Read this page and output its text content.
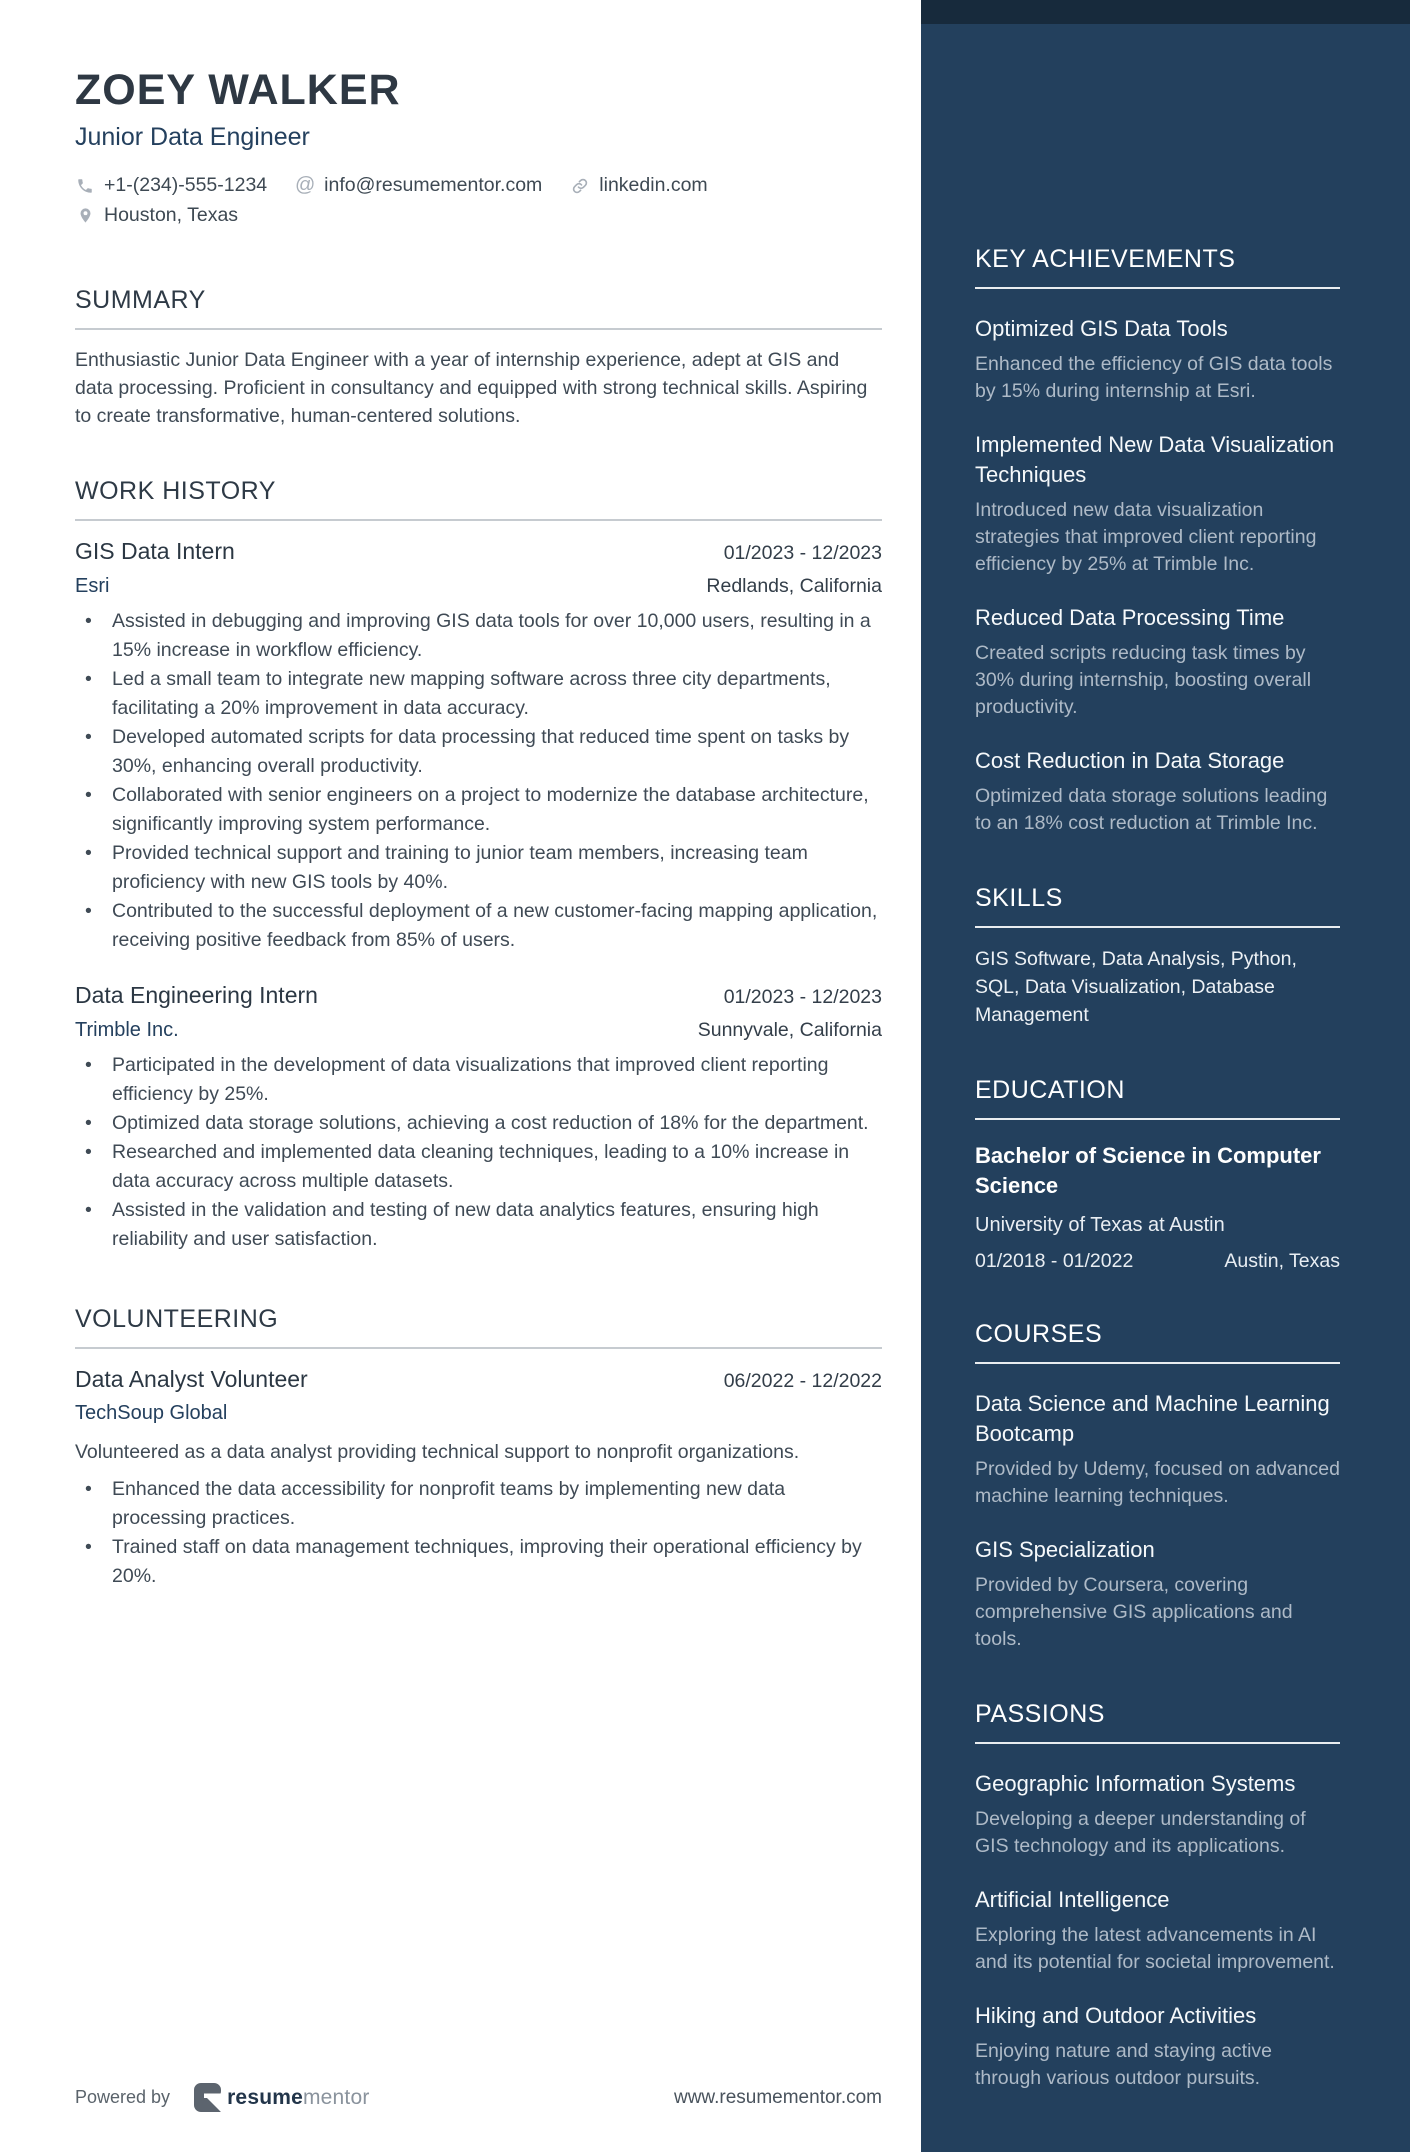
ZOEY WALKER
Junior Data Engineer
+1-(234)-555-1234 @ info@resumementor.com	linkedin.com
Houston, Texas
SUMMARY

Enthusiastic Junior Data Engineer with a year of internship experience, adept at GIS and data processing. Proficient in consultancy and equipped with strong technical skills. Aspiring to create transformative, human-centered solutions.

WORK HISTORY
GIS Data Intern	01/2023 - 12/2023
Esri	Redlands, California
• Assisted in debugging and improving GIS data tools for over 10,000 users, resulting in a 15% increase in workflow efficiency.
• Led a small team to integrate new mapping software across three city departments, facilitating a 20% improvement in data accuracy.
• Developed automated scripts for data processing that reduced time spent on tasks by 30%, enhancing overall productivity.
• Collaborated with senior engineers on a project to modernize the database architecture, significantly improving system performance.
• Provided technical support and training to junior team members, increasing team proficiency with new GIS tools by 40%.
• Contributed to the successful deployment of a new customer-facing mapping application, receiving positive feedback from 85% of users.
Data Engineering Intern	01/2023 - 12/2023
Trimble Inc.	Sunnyvale, California
• Participated in the development of data visualizations that improved client reporting efficiency by 25%.
• Optimized data storage solutions, achieving a cost reduction of 18% for the department.
• Researched and implemented data cleaning techniques, leading to a 10% increase in data accuracy across multiple datasets.
• Assisted in the validation and testing of new data analytics features, ensuring high reliability and user satisfaction.
VOLUNTEERING
Data Analyst Volunteer	06/2022 - 12/2022
TechSoup Global

Volunteered as a data analyst providing technical support to nonprofit organizations.

• Enhanced the data accessibility for nonprofit teams by implementing new data processing practices.
• Trained staff on data management techniques, improving their operational efficiency by 20%.
Powered by	resumementor	www.resumementor.com
KEY ACHIEVEMENTS
Optimized GIS Data Tools
Enhanced the efficiency of GIS data tools by 15% during internship at Esri.
Implemented New Data Visualization Techniques
Introduced new data visualization strategies that improved client reporting efficiency by 25% at Trimble Inc.
Reduced Data Processing Time
Created scripts reducing task times by 30% during internship, boosting overall productivity.
Cost Reduction in Data Storage
Optimized data storage solutions leading to an 18% cost reduction at Trimble Inc.
SKILLS
GIS Software, Data Analysis, Python, SQL, Data Visualization, Database Management
EDUCATION
Bachelor of Science in Computer Science
University of Texas at Austin
01/2018 - 01/2022	Austin, Texas
COURSES
Data Science and Machine Learning Bootcamp
Provided by Udemy, focused on advanced machine learning techniques.
GIS Specialization
Provided by Coursera, covering comprehensive GIS applications and tools.
PASSIONS
Geographic Information Systems
Developing a deeper understanding of GIS technology and its applications.
Artificial Intelligence
Exploring the latest advancements in AI and its potential for societal improvement.
Hiking and Outdoor Activities
Enjoying nature and staying active through various outdoor pursuits.
